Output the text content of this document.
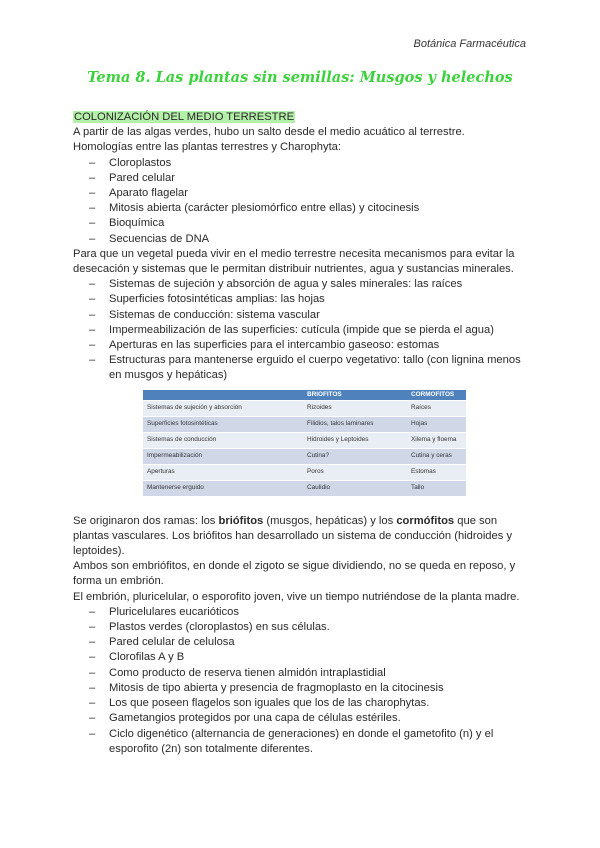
Botánica Farmacéutica
Tema 8. Las plantas sin semillas: Musgos y helechos
COLONIZACIÓN DEL MEDIO TERRESTRE

A partir de las algas verdes, hubo un salto desde el medio acuático al terrestre.

Homologías entre las plantas terrestres y Charophyta:

– Cloroplastos
– Pared celular
– Aparato flagelar
– Mitosis abierta (carácter plesiomórfico entre ellas) y citocinesis
– Bioquímica
– Secuencias de DNA

Para que un vegetal pueda vivir en el medio terrestre necesita mecanismos para evitar la desecación y sistemas que le permitan distribuir nutrientes, agua y sustancias minerales.

– Sistemas de sujeción y absorción de agua y sales minerales: las raíces
– Superficies fotosintéticas amplias: las hojas
– Sistemas de conducción: sistema vascular
– Impermeabilización de las superficies: cutícula (impide que se pierda el agua)
– Aperturas en las superficies para el intercambio gaseoso: estomas
– Estructuras para mantenerse erguido el cuerpo vegetativo: tallo (con lignina menos en musgos y hepáticas)
	BRIOFITOS	CORMOFITOS
Sistemas de sujeción y absorción	Rizoides	Raíces
Superficies fotosintéticas	Filidios, talos laminares	Hojas
Sistemas de conducción	Hidroides y Leptoides	Xilema y floema
Impermeabilización	Cutina?	Cutina y ceras
Aperturas	Poros	Estomas
Mantenerse erguido	Caulidio	Tallo

Se originaron dos ramas: los briófitos (musgos, hepáticas) y los cormófitos que son plantas vasculares. Los briófitos han desarrollado un sistema de conducción (hidroides y leptoides).

Ambos son embriófitos, en donde el zigoto se sigue dividiendo, no se queda en reposo, y forma un embrión.

El embrión, pluricelular, o esporofito joven, vive un tiempo nutriéndose de la planta madre.

– Pluricelulares eucarióticos
– Plastos verdes (cloroplastos) en sus células.
– Pared celular de celulosa
– Clorofilas A y B
– Como producto de reserva tienen almidón intraplastidial
– Mitosis de tipo abierta y presencia de fragmoplasto en la citocinesis
– Los que poseen flagelos son iguales que los de las charophytas.
– Gametangios protegidos por una capa de células estériles.
– Ciclo digenético (alternancia de generaciones) en donde el gametofito (n) y el esporofito (2n) son totalmente diferentes.
